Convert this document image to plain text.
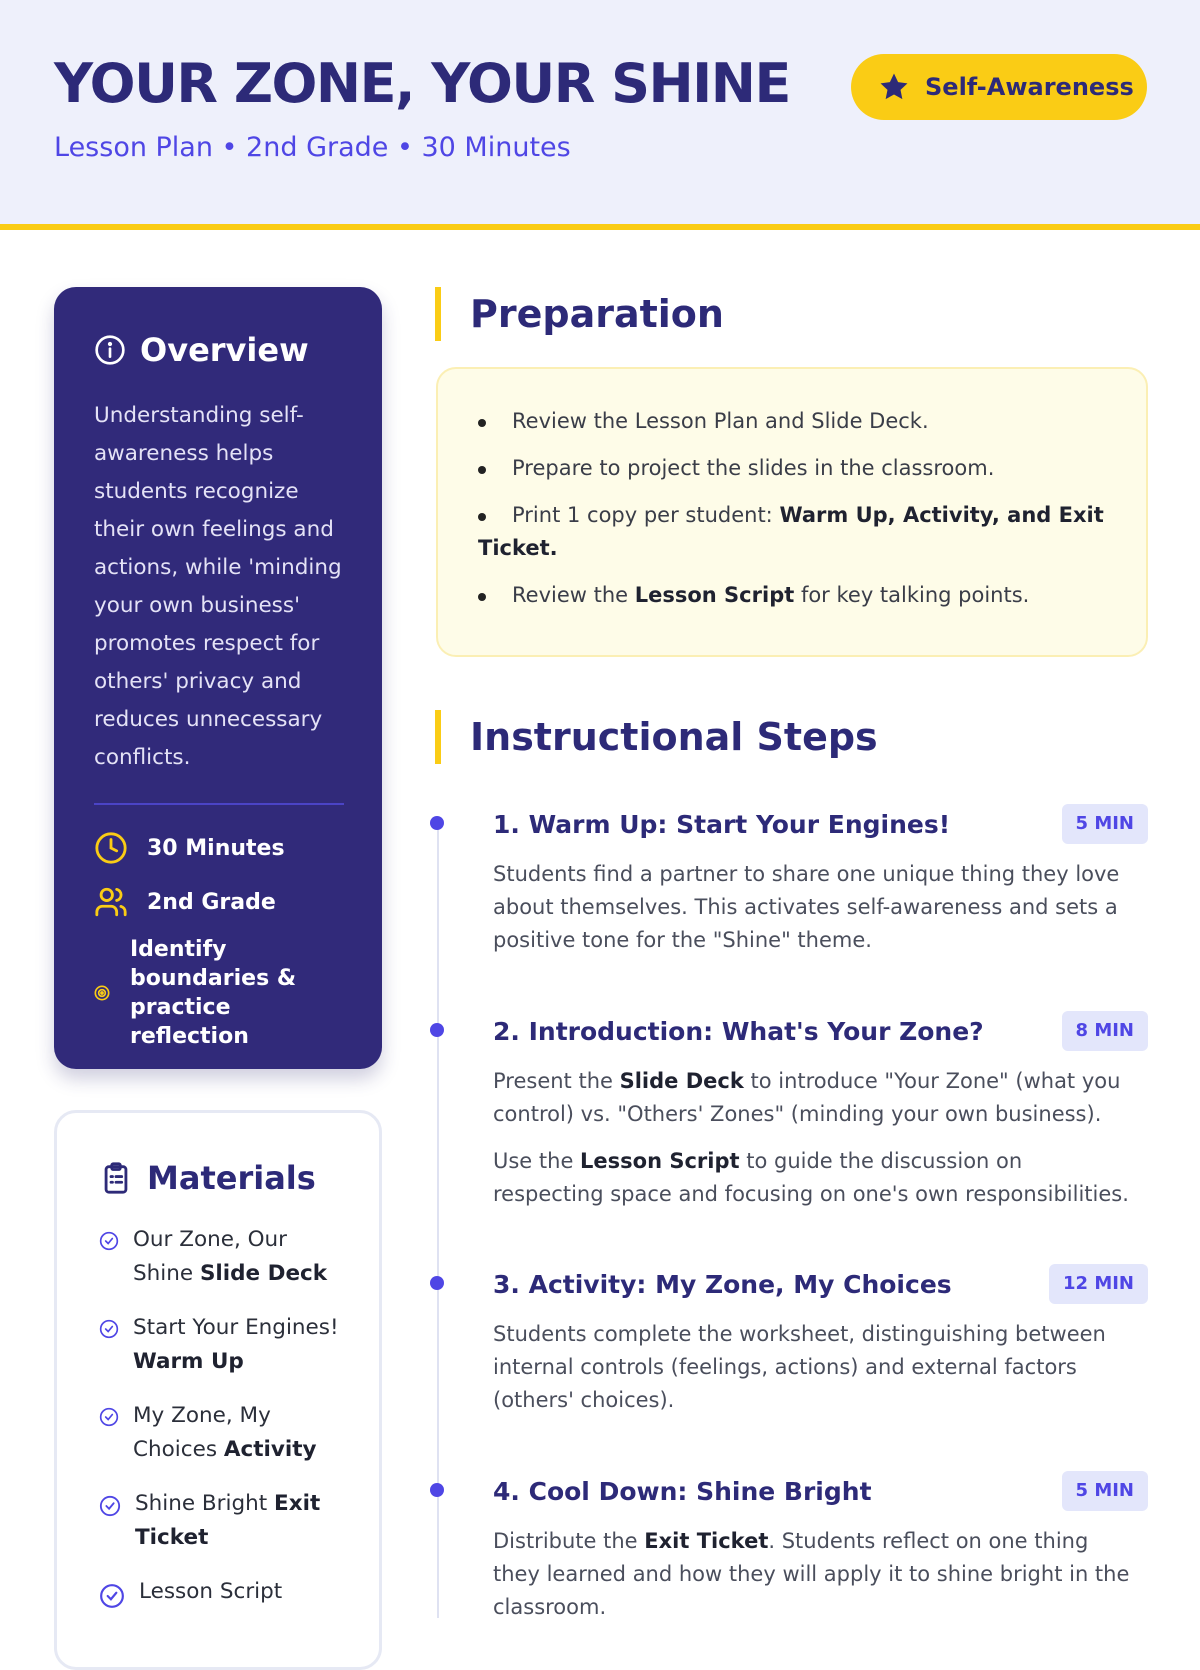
YOUR ZONE, YOUR SHINE
Lesson Plan • 2nd Grade • 30 Minutes
Self-Awareness
Overview

Understanding self-awareness helps students recognize their own feelings and actions, while 'minding your own business' promotes respect for others' privacy and reduces unnecessary conflicts.

30 Minutes
2nd Grade
Identify boundaries & practice reflection
Materials
Our Zone, Our Shine Slide Deck
Start Your Engines! Warm Up
My Zone, My Choices Activity
Shine Bright Exit Ticket
Lesson Script
Preparation
Review the Lesson Plan and Slide Deck.
Prepare to project the slides in the classroom.
Print 1 copy per student: Warm Up, Activity, and Exit Ticket.
Review the Lesson Script for key talking points.
Instructional Steps
1. Warm Up: Start Your Engines!	5 MIN

Students find a partner to share one unique thing they love about themselves. This activates self-awareness and sets a positive tone for the "Shine" theme.

2. Introduction: What's Your Zone?	8 MIN

Present the Slide Deck to introduce "Your Zone" (what you control) vs. "Others' Zones" (minding your own business).

Use the Lesson Script to guide the discussion on respecting space and focusing on one's own responsibilities.

3. Activity: My Zone, My Choices	12 MIN

Students complete the worksheet, distinguishing between internal controls (feelings, actions) and external factors (others' choices).

4. Cool Down: Shine Bright	5 MIN

Distribute the Exit Ticket. Students reflect on one thing they learned and how they will apply it to shine bright in the classroom.
